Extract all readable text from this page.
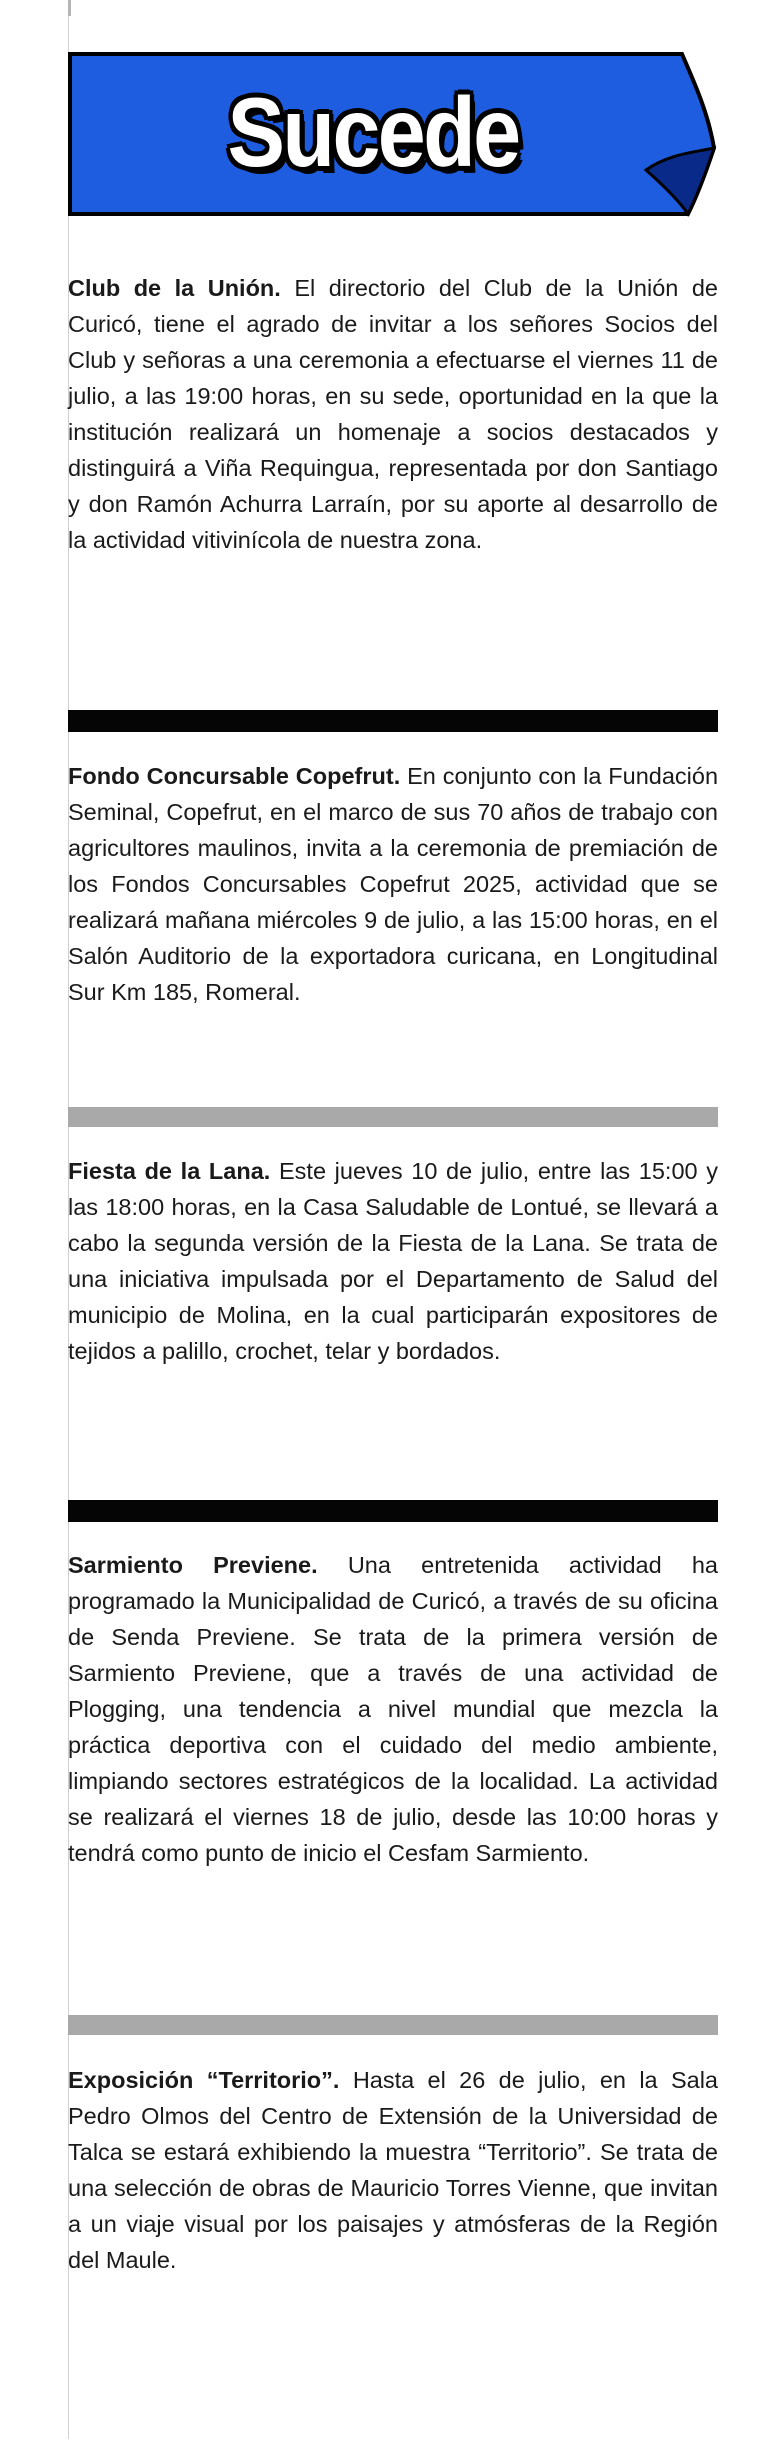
Sucede

Club de la Unión. El directorio del Club de la Unión de Curicó, tiene el agrado de invitar a los señores Socios del Club y señoras a una ceremonia a efectuarse el viernes 11 de julio, a las 19:00 horas, en su sede, oportunidad en la que la institución realizará un homenaje a socios destacados y distinguirá a Viña Requingua, representada por don Santiago y don Ramón Achurra Larraín, por su aporte al desarrollo de la actividad vitivinícola de nuestra zona.

Fondo Concursable Copefrut. En conjunto con la Fundación Seminal, Copefrut, en el marco de sus 70 años de trabajo con agricultores maulinos, invita a la ceremonia de premiación de los Fondos Concursables Copefrut 2025, actividad que se realizará mañana miércoles 9 de julio, a las 15:00 horas, en el Salón Auditorio de la exportadora curicana, en Longitudinal Sur Km 185, Romeral.

Fiesta de la Lana. Este jueves 10 de julio, entre las 15:00 y las 18:00 horas, en la Casa Saludable de Lontué, se llevará a cabo la segunda versión de la Fiesta de la Lana. Se trata de una iniciativa impulsada por el Departamento de Salud del municipio de Molina, en la cual participarán expositores de tejidos a palillo, crochet, telar y bordados.

Sarmiento Previene. Una entretenida actividad ha programado la Municipalidad de Curicó, a través de su oficina de Senda Previene. Se trata de la primera versión de Sarmiento Previene, que a través de una actividad de Plogging, una tendencia a nivel mundial que mezcla la práctica deportiva con el cuidado del medio ambiente, limpiando sectores estratégicos de la localidad. La actividad se realizará el viernes 18 de julio, desde las 10:00 horas y tendrá como punto de inicio el Cesfam Sarmiento.

Exposición “Territorio”. Hasta el 26 de julio, en la Sala Pedro Olmos del Centro de Extensión de la Universidad de Talca se estará exhibiendo la muestra “Territorio”. Se trata de una selección de obras de Mauricio Torres Vienne, que invitan a un viaje visual por los paisajes y atmósferas de la Región del Maule.
